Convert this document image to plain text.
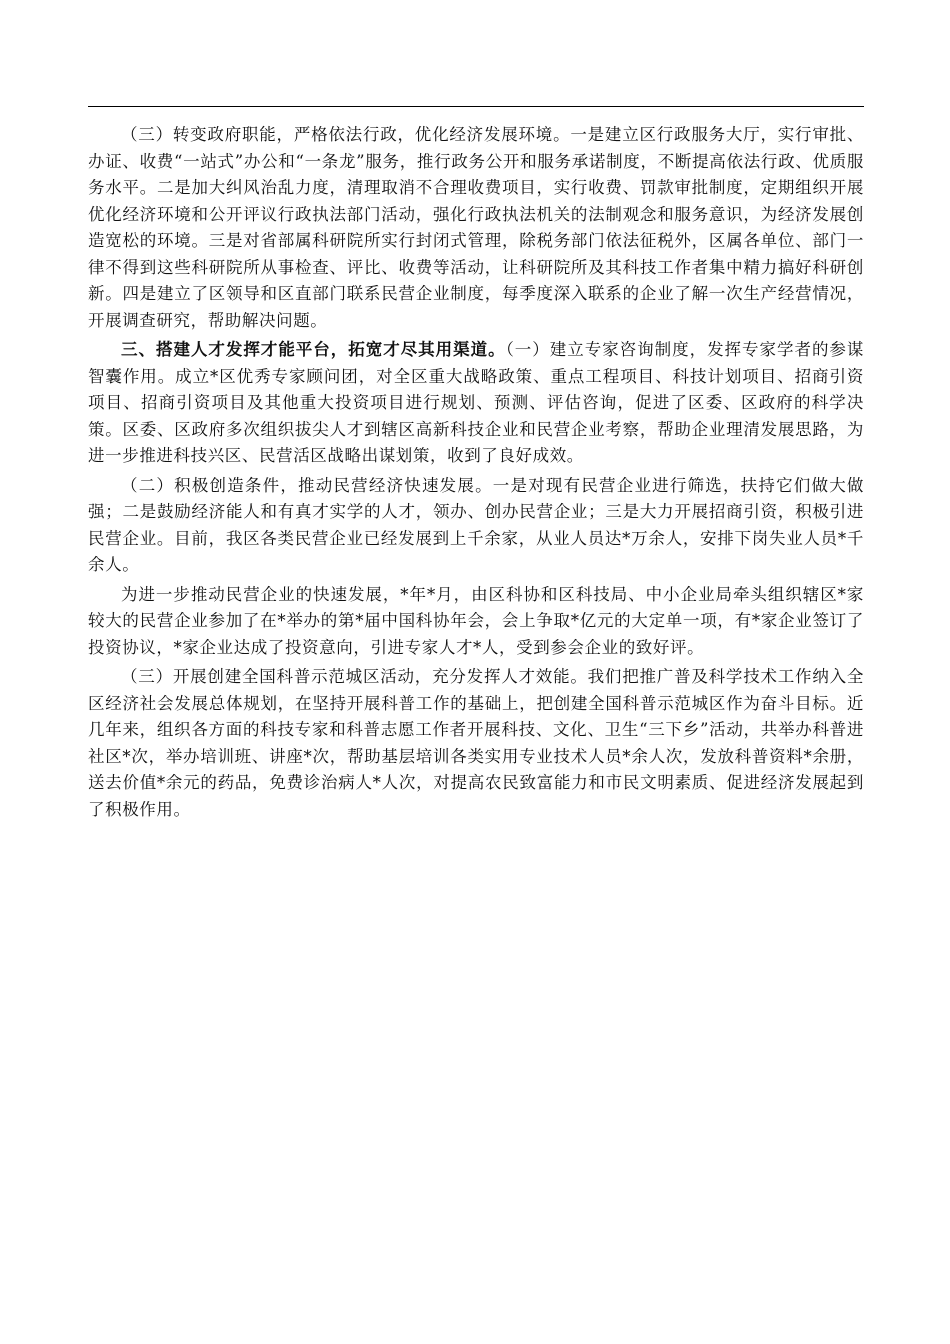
（三）转变政府职能，严格依法行政，优化经济发展环境。一是建立区行政服务大厅，实行审批、办证、收费“一站式”办公和“一条龙”服务，推行政务公开和服务承诺制度，不断提高依法行政、优质服务水平。二是加大纠风治乱力度，清理取消不合理收费项目，实行收费、罚款审批制度，定期组织开展优化经济环境和公开评议行政执法部门活动，强化行政执法机关的法制观念和服务意识，为经济发展创造宽松的环境。三是对省部属科研院所实行封闭式管理，除税务部门依法征税外，区属各单位、部门一律不得到这些科研院所从事检查、评比、收费等活动，让科研院所及其科技工作者集中精力搞好科研创新。四是建立了区领导和区直部门联系民营企业制度，每季度深入联系的企业了解一次生产经营情况，开展调查研究，帮助解决问题。

三、搭建人才发挥才能平台，拓宽才尽其用渠道。（一）建立专家咨询制度，发挥专家学者的参谋智囊作用。成立*区优秀专家顾问团，对全区重大战略政策、重点工程项目、科技计划项目、招商引资项目、招商引资项目及其他重大投资项目进行规划、预测、评估咨询，促进了区委、区政府的科学决策。区委、区政府多次组织拔尖人才到辖区高新科技企业和民营企业考察，帮助企业理清发展思路，为进一步推进科技兴区、民营活区战略出谋划策，收到了良好成效。

（二）积极创造条件，推动民营经济快速发展。一是对现有民营企业进行筛选，扶持它们做大做强；二是鼓励经济能人和有真才实学的人才，领办、创办民营企业；三是大力开展招商引资，积极引进民营企业。目前，我区各类民营企业已经发展到上千余家，从业人员达*万余人，安排下岗失业人员*千余人。

为进一步推动民营企业的快速发展，*年*月，由区科协和区科技局、中小企业局牵头组织辖区*家较大的民营企业参加了在*举办的第*届中国科协年会，会上争取*亿元的大定单一项，有*家企业签订了投资协议，*家企业达成了投资意向，引进专家人才*人，受到参会企业的致好评。

（三）开展创建全国科普示范城区活动，充分发挥人才效能。我们把推广普及科学技术工作纳入全区经济社会发展总体规划，在坚持开展科普工作的基础上，把创建全国科普示范城区作为奋斗目标。近几年来，组织各方面的科技专家和科普志愿工作者开展科技、文化、卫生“三下乡”活动，共举办科普进社区*次，举办培训班、讲座*次，帮助基层培训各类实用专业技术人员*余人次，发放科普资料*余册，送去价值*余元的药品，免费诊治病人*人次，对提高农民致富能力和市民文明素质、促进经济发展起到了积极作用。
